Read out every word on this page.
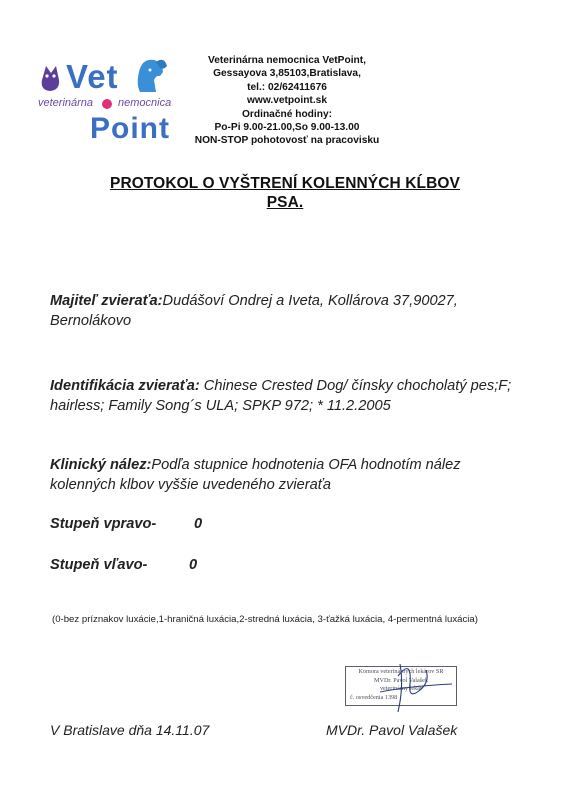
Vet
veterinárna nemocnica
Point
Veterinárna nemocnica VetPoint,
Gessayova 3,85103,Bratislava,
tel.: 02/62411676
www.vetpoint.sk
Ordinačné hodiny:
Po-Pi 9.00-21.00,So 9.00-13.00
NON-STOP pohotovosť na pracovisku
PROTOKOL O VYŠTRENÍ KOLENNÝCH KĹBOV
PSA.
Majiteľ zvieraťa:Dudášoví Ondrej a Iveta, Kollárova 37,90027, Bernolákovo
Identifikácia zvieraťa: Chinese Crested Dog/ čínsky chocholatý pes;F; hairless; Family Song´s ULA; SPKP 972; * 11.2.2005
Klinický nález:Podľa stupnice hodnotenia OFA hodnotím nález kolenných klbov vyššie uvedeného zvieraťa
Stupeň vpravo-	0
Stupeň vľavo-	0
(0-bez príznakov luxácie,1-hraničná luxácia,2-stredná luxácia, 3-ťažká luxácia, 4-permentná luxácia)
Komora veterinárnych lekárov SR
MVDr. Pavol Valašek
veterinárny lekár
č. osvedčenia 1398
V Bratislave dňa 14.11.07	MVDr. Pavol Valašek
